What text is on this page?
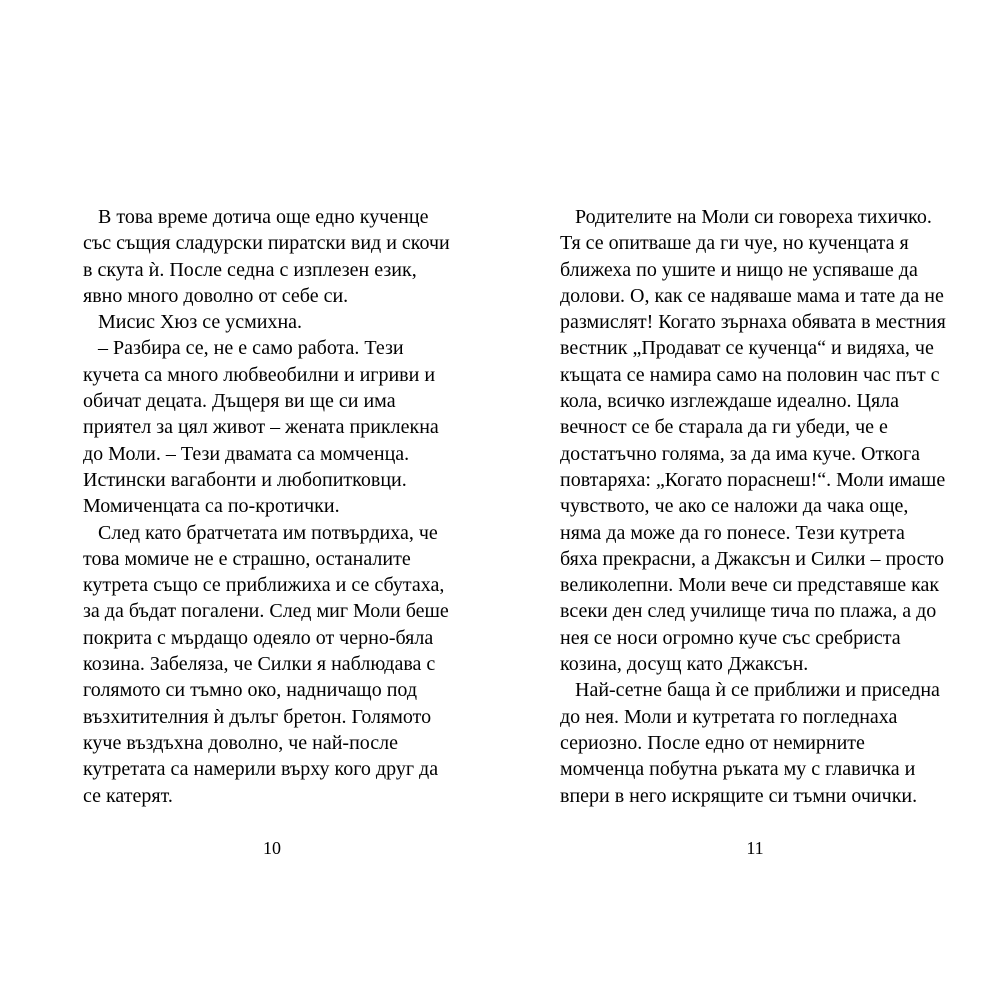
В това време дотича още едно кученце
със същия сладурски пиратски вид и скочи
в скута ѝ. После седна с изплезен език,
явно много доволно от себе си.
Мисис Хюз се усмихна.
– Разбира се, не е само работа. Тези
кучета са много любвеобилни и игриви и
обичат децата. Дъщеря ви ще си има
приятел за цял живот – жената приклекна
до Моли. – Тези двамата са момченца.
Истински вагабонти и любопитковци.
Момиченцата са по-кротички.
След като братчетата им потвърдиха, че
това момиче не е страшно, останалите
кутрета също се приближиха и се сбутаха,
за да бъдат погалени. След миг Моли беше
покрита с мърдащо одеяло от черно-бяла
козина. Забеляза, че Силки я наблюдава с
голямото си тъмно око, надничащо под
възхитителния ѝ дълъг бретон. Голямото
куче въздъхна доволно, че най-после
кутретата са намерили върху кого друг да
се катерят.
Родителите на Моли си говореха тихичко.
Тя се опитваше да ги чуе, но кученцата я
ближеха по ушите и нищо не успяваше да
долови. О, как се надяваше мама и тате да не
размислят! Когато зърнаха обявата в местния
вестник „Продават се кученца“ и видяха, че
къщата се намира само на половин час път с
кола, всичко изглеждаше идеално. Цяла
вечност се бе старала да ги убеди, че е
достатъчно голяма, за да има куче. Откога
повтаряха: „Когато пораснеш!“. Моли имаше
чувството, че ако се наложи да чака още,
няма да може да го понесе. Тези кутрета
бяха прекрасни, а Джаксън и Силки – просто
великолепни. Моли вече си представяше как
всеки ден след училище тича по плажа, а до
нея се носи огромно куче със сребриста
козина, досущ като Джаксън.
Най-сетне баща ѝ се приближи и приседна
до нея. Моли и кутретата го погледнаха
сериозно. После едно от немирните
момченца побутна ръката му с главичка и
впери в него искрящите си тъмни очички.
10	11
